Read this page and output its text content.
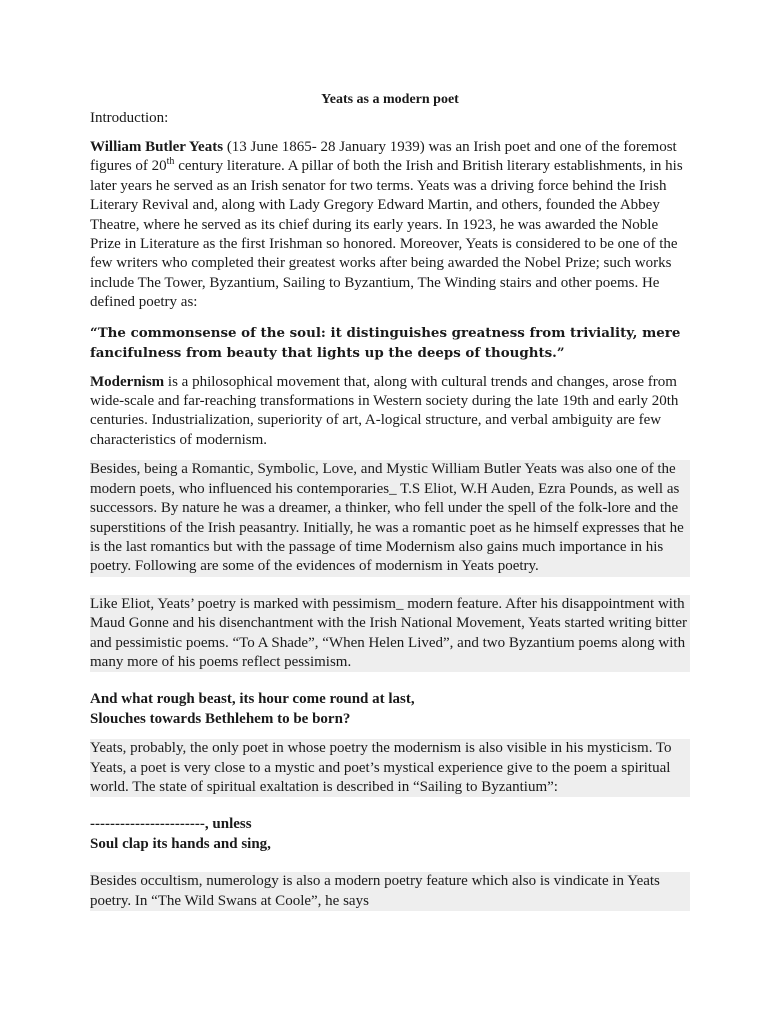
Yeats as a modern poet
Introduction:

William Butler Yeats (13 June 1865- 28 January 1939) was an Irish poet and one of the foremost figures of 20th century literature. A pillar of both the Irish and British literary establishments, in his later years he served as an Irish senator for two terms. Yeats was a driving force behind the Irish Literary Revival and, along with Lady Gregory Edward Martin, and others, founded the Abbey Theatre, where he served as its chief during its early years. In 1923, he was awarded the Noble Prize in Literature as the first Irishman so honored. Moreover, Yeats is considered to be one of the few writers who completed their greatest works after being awarded the Nobel Prize; such works include The Tower, Byzantium, Sailing to Byzantium, The Winding stairs and other poems. He defined poetry as:

“The commonsense of the soul: it distinguishes greatness from triviality, mere fancifulness from beauty that lights up the deeps of thoughts.”

Modernism is a philosophical movement that, along with cultural trends and changes, arose from wide-scale and far-reaching transformations in Western society during the late 19th and early 20th centuries. Industrialization, superiority of art, A-logical structure, and verbal ambiguity are few characteristics of modernism.

Besides, being a Romantic, Symbolic, Love, and Mystic William Butler Yeats was also one of the modern poets, who influenced his contemporaries_ T.S Eliot, W.H Auden, Ezra Pounds, as well as successors. By nature he was a dreamer, a thinker, who fell under the spell of the folk-lore and the superstitions of the Irish peasantry. Initially, he was a romantic poet as he himself expresses that he is the last romantics but with the passage of time Modernism also gains much importance in his poetry. Following are some of the evidences of modernism in Yeats poetry.

Like Eliot, Yeats’ poetry is marked with pessimism_ modern feature. After his disappointment with Maud Gonne and his disenchantment with the Irish National Movement, Yeats started writing bitter and pessimistic poems. “To A Shade”, “When Helen Lived”, and two Byzantium poems along with many more of his poems reflect pessimism.

And what rough beast, its hour come round at last,
Slouches towards Bethlehem to be born?

Yeats, probably, the only poet in whose poetry the modernism is also visible in his mysticism. To Yeats, a poet is very close to a mystic and poet’s mystical experience give to the poem a spiritual world. The state of spiritual exaltation is described in “Sailing to Byzantium”:

-----------------------, unless
Soul clap its hands and sing,

Besides occultism, numerology is also a modern poetry feature which also is vindicate in Yeats poetry. In “The Wild Swans at Coole”, he says
